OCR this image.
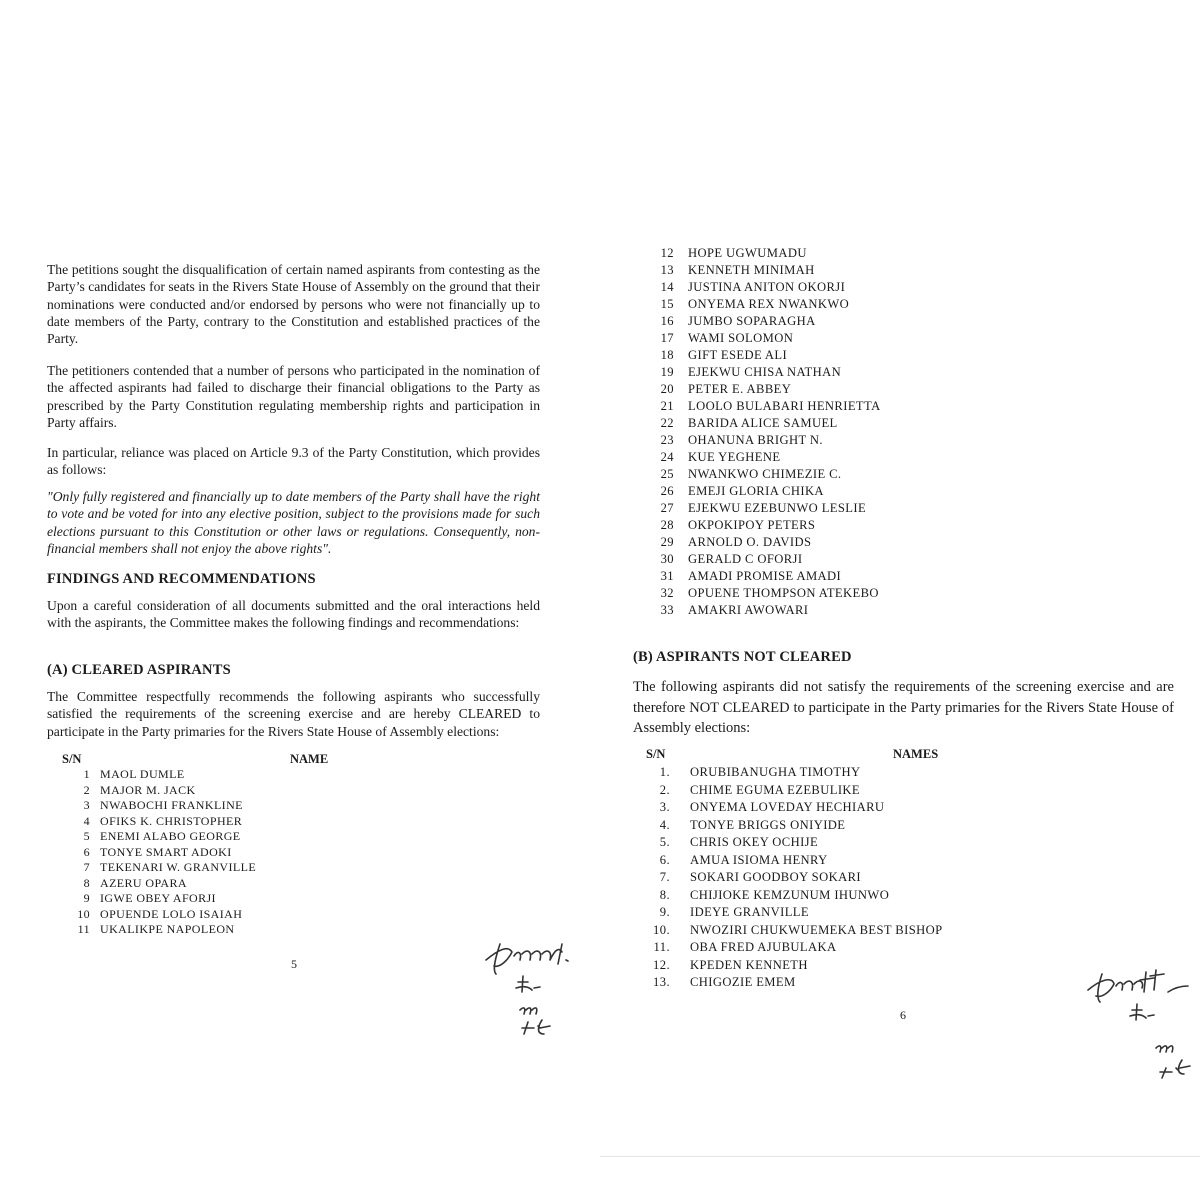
The petitions sought the disqualification of certain named aspirants from contesting as the Party’s candidates for seats in the Rivers State House of Assembly on the ground that their nominations were conducted and/or endorsed by persons who were not financially up to date members of the Party, contrary to the Constitution and established practices of the Party.

The petitioners contended that a number of persons who participated in the nomination of the affected aspirants had failed to discharge their financial obligations to the Party as prescribed by the Party Constitution regulating membership rights and participation in Party affairs.

In particular, reliance was placed on Article 9.3 of the Party Constitution, which provides as follows:

"Only fully registered and financially up to date members of the Party shall have the right to vote and be voted for into any elective position, subject to the provisions made for such elections pursuant to this Constitution or other laws or regulations. Consequently, non-financial members shall not enjoy the above rights".

FINDINGS AND RECOMMENDATIONS

Upon a careful consideration of all documents submitted and the oral interactions held with the aspirants, the Committee makes the following findings and recommendations:

(A) CLEARED ASPIRANTS

The Committee respectfully recommends the following aspirants who successfully satisfied the requirements of the screening exercise and are hereby CLEARED to participate in the Party primaries for the Rivers State House of Assembly elections:

S/N	NAME
1 MAOL DUMLE
2 MAJOR M. JACK
3 NWABOCHI FRANKLINE
4 OFIKS K. CHRISTOPHER
5 ENEMI ALABO GEORGE
6 TONYE SMART ADOKI
7 TEKENARI W. GRANVILLE
8 AZERU OPARA
9 IGWE OBEY AFORJI
10 OPUENDE LOLO ISAIAH
11 UKALIKPE NAPOLEON
5
12 HOPE UGWUMADU
13 KENNETH MINIMAH
14 JUSTINA ANITON OKORJI
15 ONYEMA REX NWANKWO
16 JUMBO SOPARAGHA
17 WAMI SOLOMON
18 GIFT ESEDE ALI
19 EJEKWU CHISA NATHAN
20 PETER E. ABBEY
21 LOOLO BULABARI HENRIETTA
22 BARIDA ALICE SAMUEL
23 OHANUNA BRIGHT N.
24 KUE YEGHENE
25 NWANKWO CHIMEZIE C.
26 EMEJI GLORIA CHIKA
27 EJEKWU EZEBUNWO LESLIE
28 OKPOKIPOY PETERS
29 ARNOLD O. DAVIDS
30 GERALD C OFORJI
31 AMADI PROMISE AMADI
32 OPUENE THOMPSON ATEKEBO
33 AMAKRI AWOWARI
(B) ASPIRANTS NOT CLEARED

The following aspirants did not satisfy the requirements of the screening exercise and are therefore NOT CLEARED to participate in the Party primaries for the Rivers State House of Assembly elections:

S/N	NAMES
1. ORUBIBANUGHA TIMOTHY
2. CHIME EGUMA EZEBULIKE
3. ONYEMA LOVEDAY HECHIARU
4. TONYE BRIGGS ONIYIDE
5. CHRIS OKEY OCHIJE
6. AMUA ISIOMA HENRY
7. SOKARI GOODBOY SOKARI
8. CHIJIOKE KEMZUNUM IHUNWO
9. IDEYE GRANVILLE
10. NWOZIRI CHUKWUEMEKA BEST BISHOP
11. OBA FRED AJUBULAKA
12. KPEDEN KENNETH
13. CHIGOZIE EMEM
6
